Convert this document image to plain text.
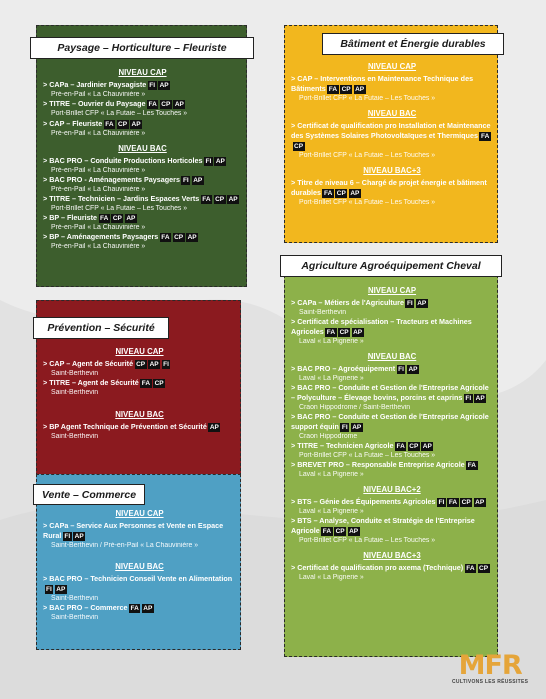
NIVEAU CAP
> CAPa – Jardinier Paysagiste FI AP
Pré-en-Pail « La Chauvinière »
> TITRE – Ouvrier du Paysage FA CP AP
Port-Brillet CFP « La Futaie – Les Touches »
> CAP – Fleuriste FA CP AP
Pré-en-Pail « La Chauvinière »
NIVEAU BAC
> BAC PRO – Conduite Productions Horticoles FI AP
Pré-en-Pail « La Chauvinière »
> BAC PRO - Aménagements Paysagers FI AP
Pré-en-Pail « La Chauvinière »
> TITRE – Technicien – Jardins Espaces Verts FA CP AP
Port-Brillet CFP « La Futaie – Les Touches »
> BP – Fleuriste FA CP AP
Pré-en-Pail « La Chauvinière »
> BP – Aménagements Paysagers FA CP AP
Pré-en-Pail « La Chauvinière »
Paysage – Horticulture – Fleuriste
NIVEAU CAP
> CAP – Interventions en Maintenance Technique des Bâtiments FA CP AP
Port-Brillet CFP « La Futaie – Les Touches »
NIVEAU BAC
> Certificat de qualification pro Installation et Maintenance des Systèmes Solaires Photovoltaïques et Thermiques FACP
Port-Brillet CFP « La Futaie – Les Touches »
NIVEAU BAC+3
> Titre de niveau 6 – Chargé de projet énergie et bâtiment durables FA CP AP
Port-Brillet CFP « La Futaie – Les Touches »
Bâtiment et Énergie durables
NIVEAU CAP
> CAP – Agent de Sécurité CP AP FI
Saint-Berthevin
> TITRE – Agent de Sécurité FA CP
Saint-Berthevin
NIVEAU BAC
> BP Agent Technique de Prévention et Sécurité AP
Saint-Berthevin
Prévention – Sécurité
NIVEAU CAP
> CAPa – Service Aux Personnes et Vente en Espace Rural FI AP
Saint-Berthevin / Pré-en-Pail « La Chauvinière »
NIVEAU BAC
> BAC PRO – Technicien Conseil Vente en AlimentationFI AP
Saint-Berthevin
> BAC PRO – Commerce FA AP
Saint-Berthevin
Vente – Commerce
NIVEAU CAP
> CAPa – Métiers de l'Agriculture FI AP
Saint-Berthevin
> Certificat de spécialisation – Tracteurs et Machines Agricoles FA CP AP
Laval « La Pignerie »
NIVEAU BAC
> BAC PRO – Agroéquipement FI AP
Laval « La Pignerie »
> BAC PRO – Conduite et Gestion de l'Entreprise Agricole – Polyculture – Élevage bovins, porcins et caprins FI AP
Craon Hippodrome / Saint-Berthevin
> BAC PRO – Conduite et Gestion de l'Entreprise Agricole support équin FI AP
Craon Hippodrome
> TITRE – Technicien Agricole FA CP AP
Port-Brillet CFP « La Futaie – Les Touches »
> BREVET PRO – Responsable Entreprise Agricole FA
Laval « La Pignerie »
NIVEAU BAC+2
> BTS – Génie des Équipements Agricoles FI FA CP AP
Laval « La Pignerie »
> BTS – Analyse, Conduite et Stratégie de l'Entreprise Agricole FA CP AP
Port-Brillet CFP « La Futaie – Les Touches »
NIVEAU BAC+3
> Certificat de qualification pro axema (Technique) FA CP
Laval « La Pignerie »
Agriculture Agroéquipement Cheval
MFR
CULTIVONS LES RÉUSSITES
